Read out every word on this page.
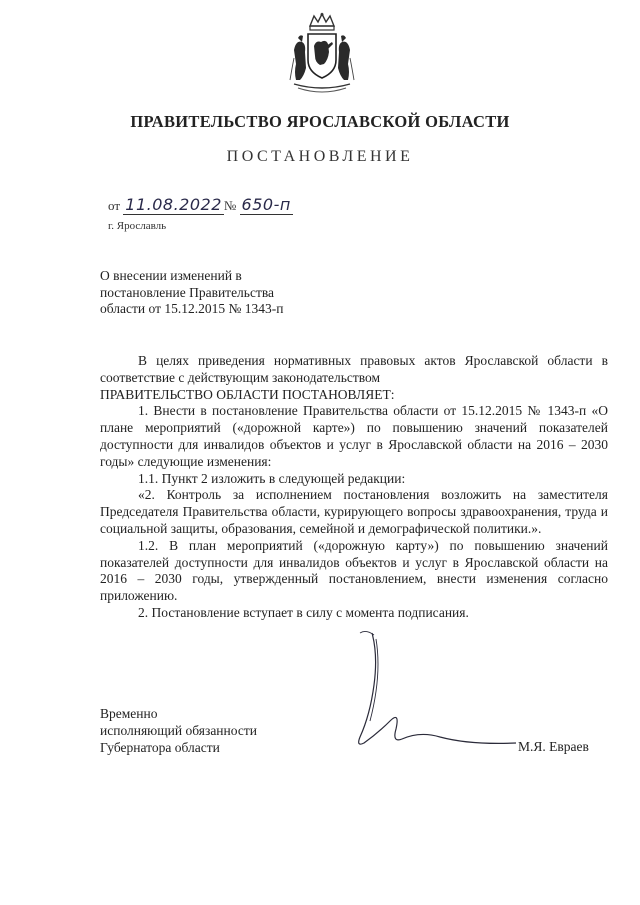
ПРАВИТЕЛЬСТВО ЯРОСЛАВСКОЙ ОБЛАСТИ
ПОСТАНОВЛЕНИЕ
от 11.08.2022 № 650-п
г. Ярославль
О внесении изменений в
постановление Правительства
области от 15.12.2015 № 1343-п

В целях приведения нормативных правовых актов Ярославской области в соответствие с действующим законодательством

ПРАВИТЕЛЬСТВО ОБЛАСТИ ПОСТАНОВЛЯЕТ:

1. Внести в постановление Правительства области от 15.12.2015 № 1343-п «О плане мероприятий («дорожной карте») по повышению значений показателей доступности для инвалидов объектов и услуг в Ярославской области на 2016 – 2030 годы» следующие изменения:

1.1. Пункт 2 изложить в следующей редакции:

«2. Контроль за исполнением постановления возложить на заместителя Председателя Правительства области, курирующего вопросы здравоохранения, труда и социальной защиты, образования, семейной и демографической политики.».

1.2. В план мероприятий («дорожную карту») по повышению значений показателей доступности для инвалидов объектов и услуг в Ярославской области на 2016 – 2030 годы, утвержденный постановлением, внести изменения согласно приложению.

2. Постановление вступает в силу с момента подписания.

Временно
исполняющий обязанности
Губернатора области	М.Я. Евраев
